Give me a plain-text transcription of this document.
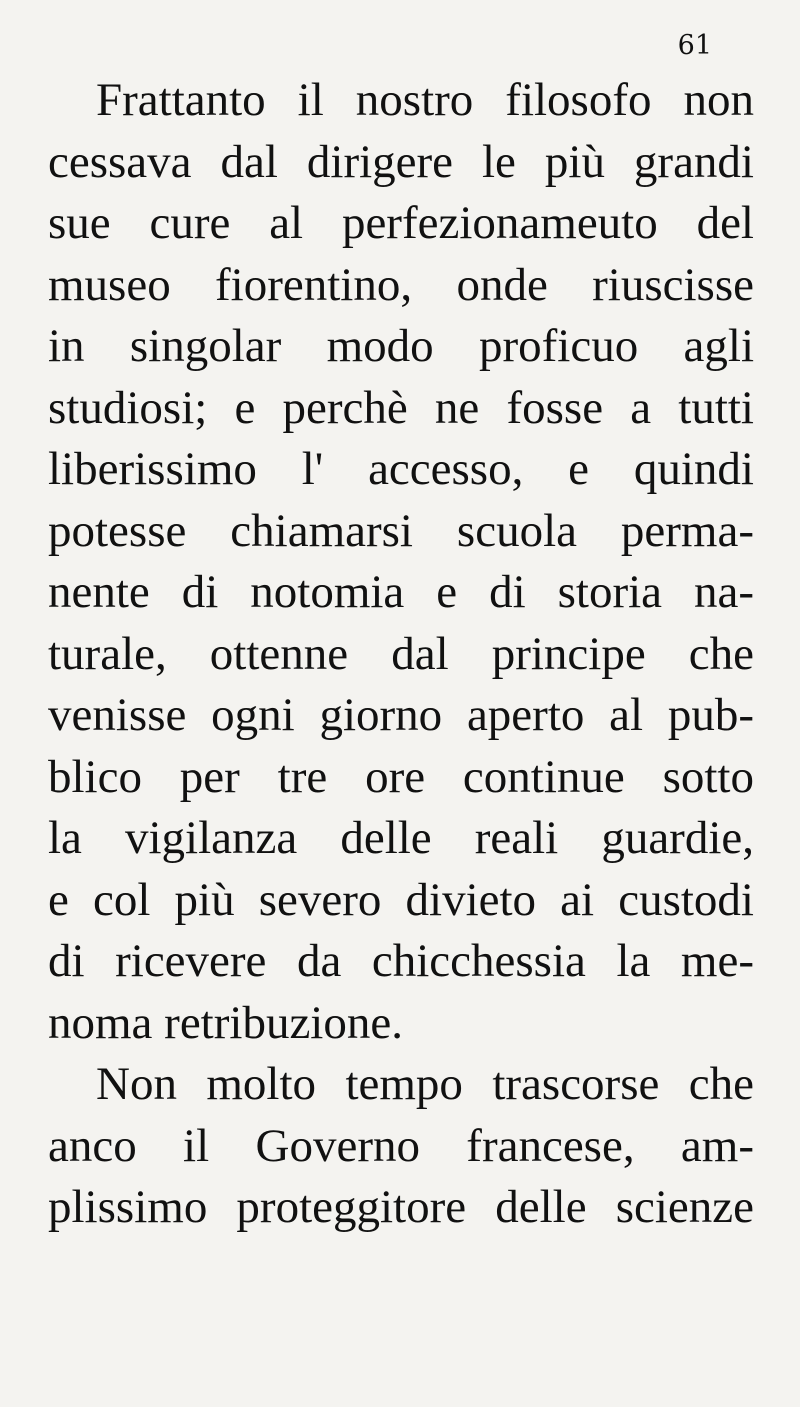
61
Frattanto il nostro filosofo non
cessava dal dirigere le più grandi
sue cure al perfezionameuto del
museo fiorentino, onde riuscisse
in singolar modo proficuo agli
studiosi; e perchè ne fosse a tutti
liberissimo l' accesso, e quindi
potesse chiamarsi scuola perma-
nente di notomia e di storia na-
turale, ottenne dal principe che
venisse ogni giorno aperto al pub-
blico per tre ore continue sotto
la vigilanza delle reali guardie,
e col più severo divieto ai custodi
di ricevere da chicchessia la me-
noma retribuzione.
Non molto tempo trascorse che
anco il Governo francese, am-
plissimo proteggitore delle scienze
